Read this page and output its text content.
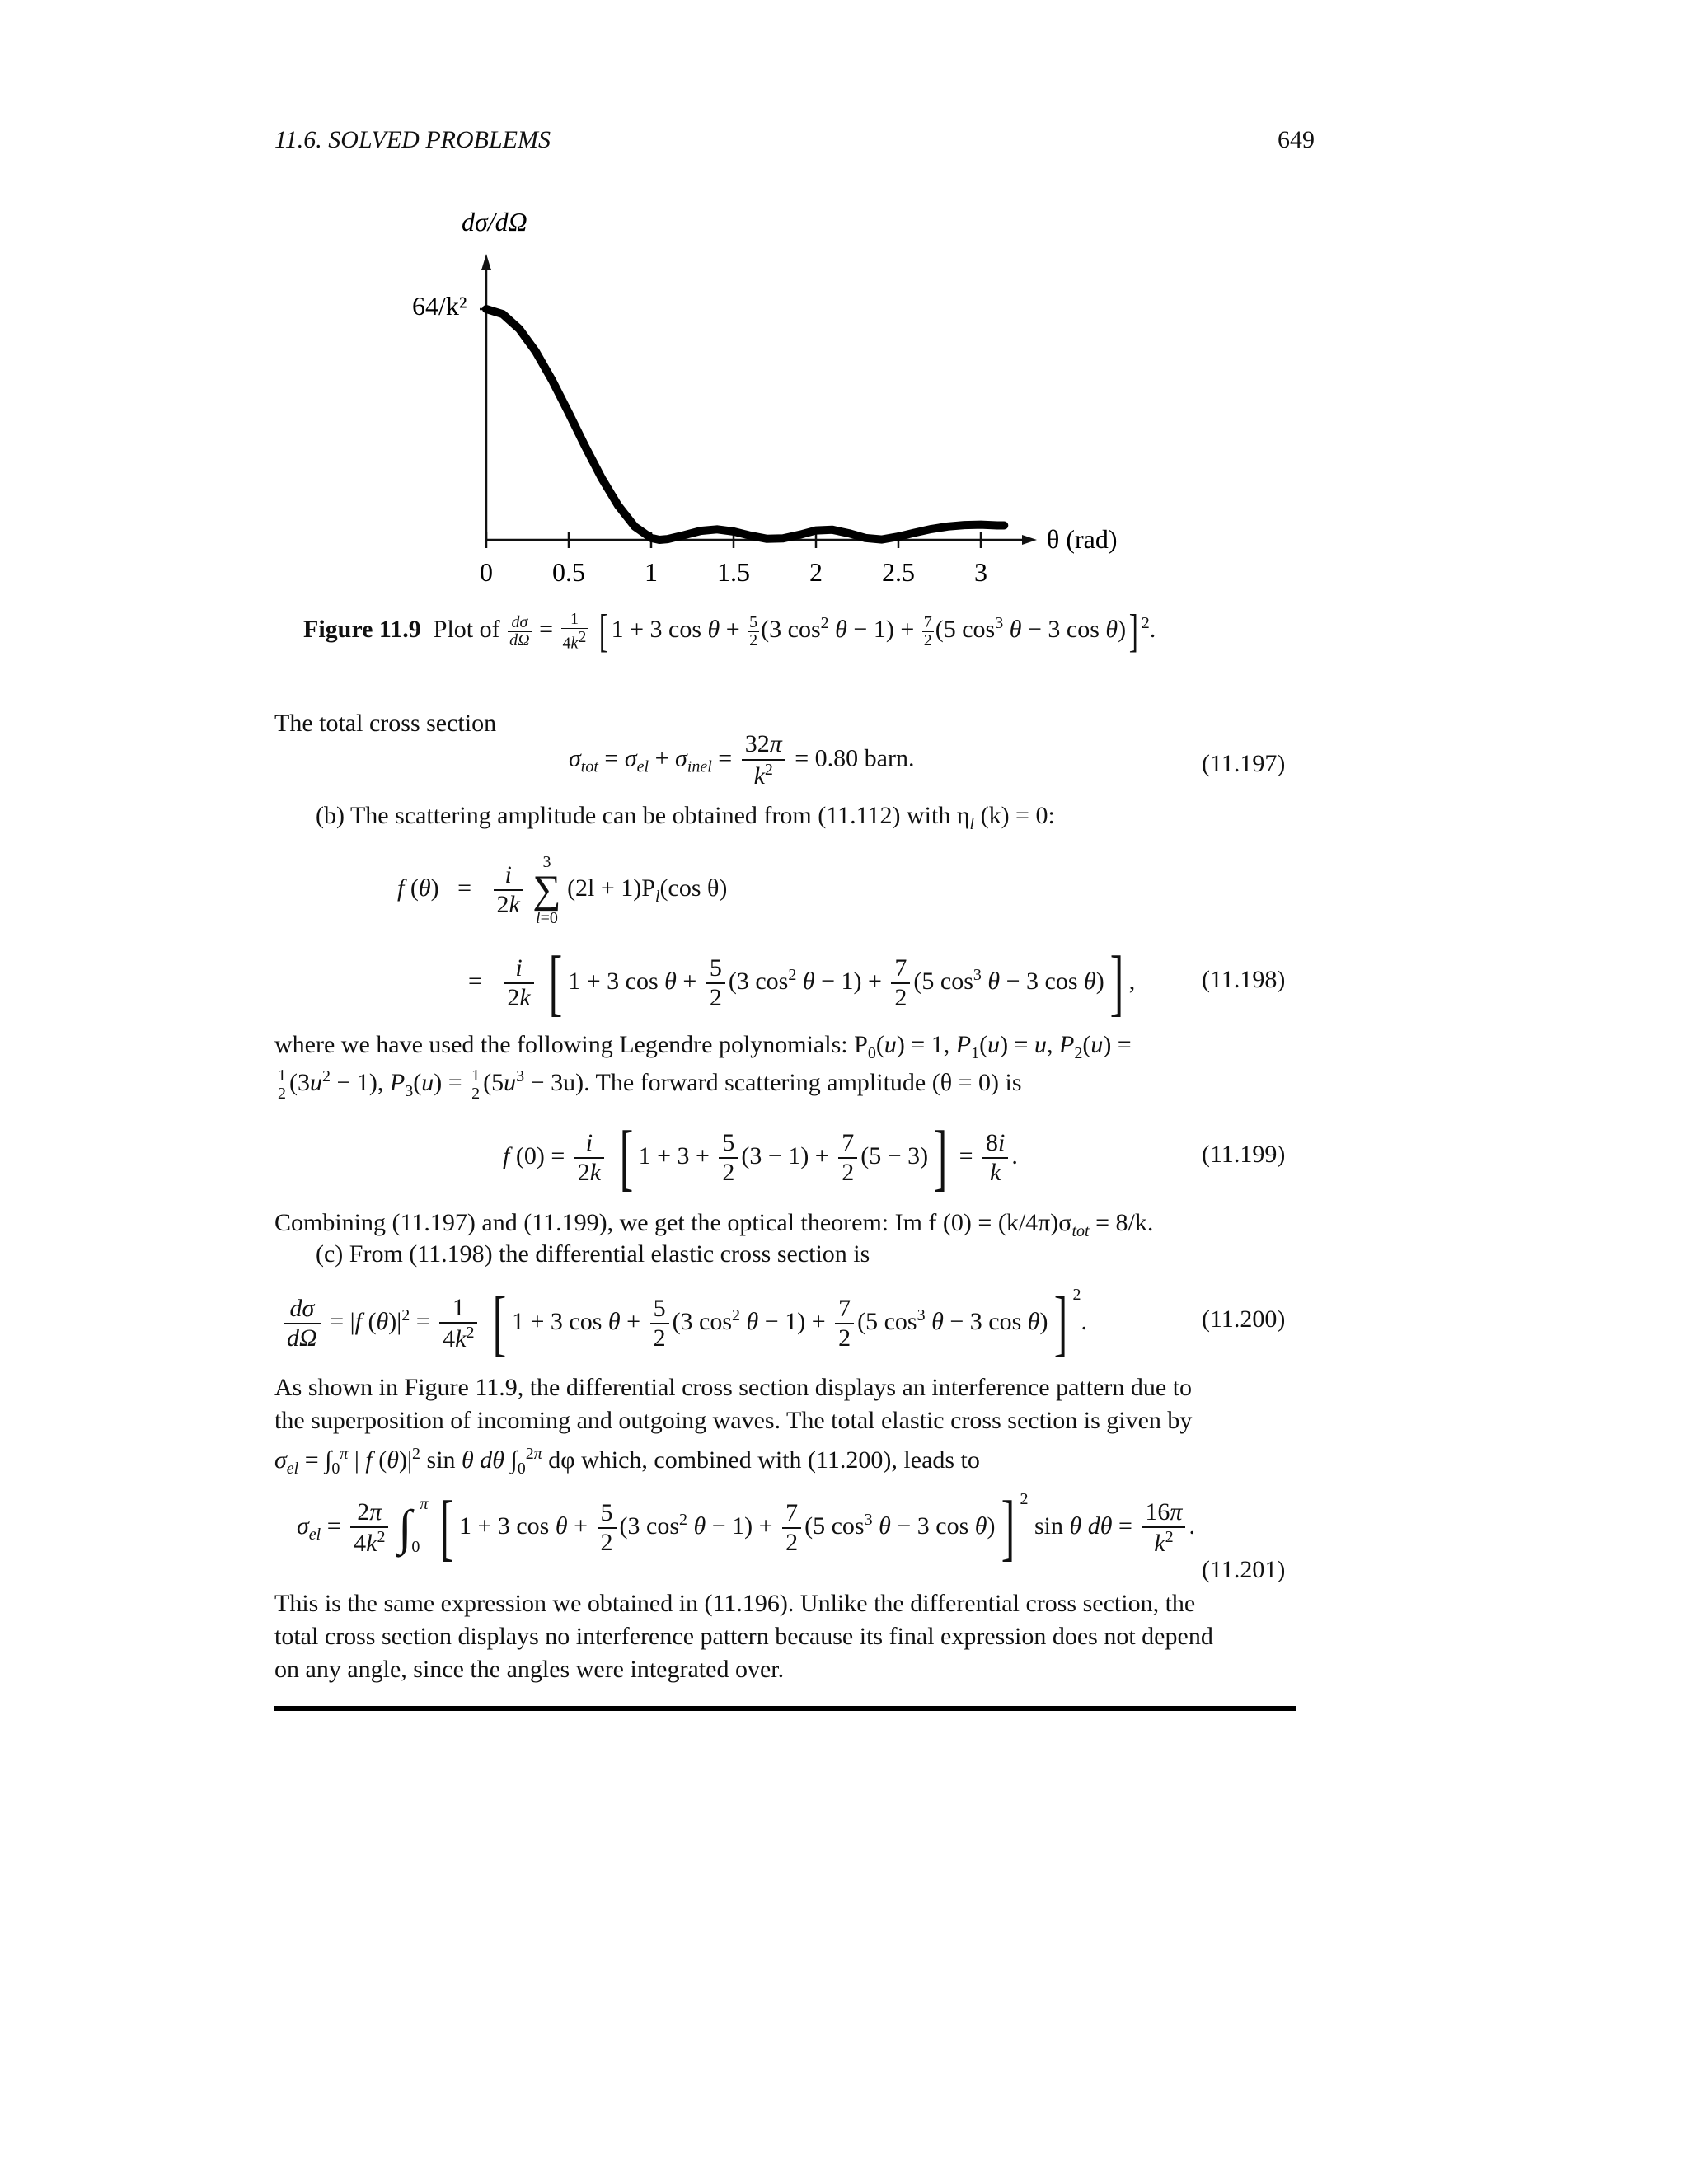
11.6. SOLVED PROBLEMS	649
0 0.5 1 1.5 2 2.5 3
dσ/dΩ
64/k²
θ (rad)
Figure 11.9 Plot of $\frac{d\sigma}{d\Omega} = \frac{1}{4k^2}$ [ 1 + 3 $\cos \theta + \frac{5}{2} (3$ $\cos^2 \theta - 1) + \frac{7}{2} (5$ $\cos^3 \theta - 3$ cos θ)] $^2$.
The total cross section
$\sigma_{tot} = \sigma_{el} + \sigma_{inel} = \frac{32\pi}{k^2} = 0.80$ barn.	(11.197)
(b) The scattering amplitude can be obtained from (11.112) with $\eta_l$ (k) = 0:
f $(\theta) = \frac{i}{2k}$
	3
∑
l=0
$(2l + 1)P_l(\cos$ θ)
= $\frac{i}{2k}$ [ 1 + 3 $\cos \theta + \frac{5}{2} (3$ $\cos^2 \theta - 1) + \frac{7}{2} (5$ $\cos^3 \theta - 3$ cos θ)] ,	(11.198)
where we have used the following Legendre polynomials: $P_0(u) = 1$, $P_1(u) = u$, $P_2(u)$ =
$\frac{1}{2} (3u^2 - 1)$, $P_3(u) = \frac{1}{2} (5u^3 - 3u)$. The forward scattering amplitude (θ = 0) is
f $(0) = \frac{i}{2k}$ [ $1 + 3 + \frac{5}{2} (3 - 1) + \frac{7}{2} (5 - 3)] = \frac{8i}{k}$ .	(11.199)
Combining (11.197) and (11.199), we get the optical theorem: Im f $(0) = (k/4\pi)\sigma_{tot} = 8/k$.
(c) From (11.198) the differential elastic cross section is
$\frac{d\sigma}{d\Omega} = |f$ $(\theta)|^2 = \frac{1}{4k^2}$ [ 1 + 3 $\cos \theta + \frac{5}{2} (3$ $\cos^2 \theta - 1) + \frac{7}{2} (5$ $\cos^3 \theta - 3$ cos θ)] $^2$.	(11.200)
As shown in Figure 11.9, the differential cross section displays an interference pattern due to
the superposition of incoming and outgoing waves. The total elastic cross section is given by
$\sigma_{el} = \int_0^\pi$ | f $(\theta)|^2$ sin θ dθ $\int_0^{2\pi}$ dφ which, combined with (11.200), leads to
$\sigma_{el} = \frac{2\pi}{4k^2} \int_0^\pi$ [ 1 + 3 $\cos \theta + \frac{5}{2} (3$ $\cos^2 \theta - 1) + \frac{7}{2} (5$ $\cos^3 \theta - 3$ cos θ)] $^2$ sin θ $d\theta = \frac{16\pi}{k^2}$ .
(11.201)
This is the same expression we obtained in (11.196). Unlike the differential cross section, the
total cross section displays no interference pattern because its final expression does not depend
on any angle, since the angles were integrated over.
